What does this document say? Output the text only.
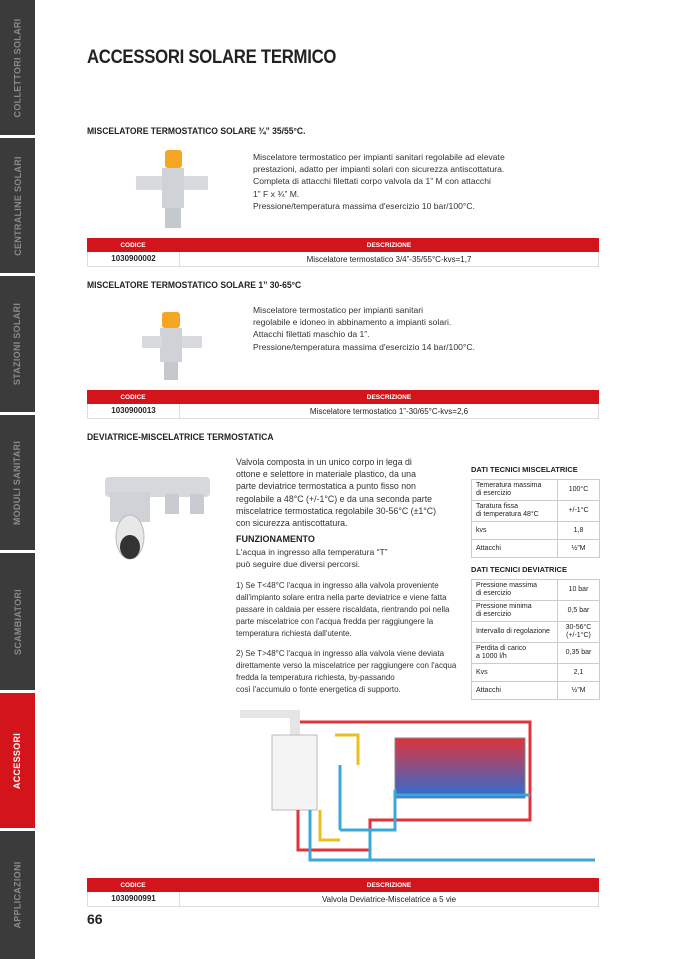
COLLETTORI SOLARI
CENTRALINE SOLARI
STAZIONI SOLARI
MODULI SANITARI
SCAMBIATORI
ACCESSORI
APPLICAZIONI
ACCESSORI SOLARE TERMICO
MISCELATORE TERMOSTATICO SOLARE ¾” 35/55°C.
Miscelatore termostatico per impianti sanitari regolabile ad elevate
prestazioni, adatto per impianti solari con sicurezza antiscottatura.
Completa di attacchi filettati corpo valvola da 1” M con attacchi
1” F x ¾” M.
Pressione/temperatura massima d'esercizio 10 bar/100°C.
CODICE	DESCRIZIONE
1030900002	Miscelatore termostatico 3/4”-35/55°C-kvs=1,7
MISCELATORE TERMOSTATICO SOLARE 1” 30-65°C
Miscelatore termostatico per impianti sanitari
regolabile e idoneo in abbinamento a impianti solari.
Attacchi filettati maschio da 1”.
Pressione/temperatura massima d'esercizio 14 bar/100°C.
CODICE	DESCRIZIONE
1030900013	Miscelatore termostatico 1”-30/65°C-kvs=2,6
DEVIATRICE-MISCELATRICE TERMOSTATICA
Valvola composta in un unico corpo in lega di
ottone e selettore in materiale plastico, da una
parte deviatrice termostatica a punto fisso non
regolabile a 48°C (+/-1°C) e da una seconda parte
miscelatrice termostatica regolabile 30-56°C (±1°C)
con sicurezza antiscottatura.
FUNZIONAMENTO
L'acqua in ingresso alla temperatura “T”
può seguire due diversi percorsi.
1) Se T<48°C l'acqua in ingresso alla valvola proveniente
dall'impianto solare entra nella parte deviatrice e viene fatta
passare in caldaia per essere riscaldata, rientrando poi nella
parte miscelatrice con l'acqua fredda per raggiungere la
temperatura richiesta dall'utente.
2) Se T>48°C l'acqua in ingresso alla valvola viene deviata
direttamente verso la miscelatrice per raggiungere con l'acqua
fredda la temperatura richiesta, by-passando
così l'accumulo o fonte energetica di supporto.
DATI TECNICI MISCELATRICE
Temeratura massima
di esercizio	100°C
Taratura fissa
di temperatura 48°C	+/-1°C
kvs	1,8
Attacchi	½”M
DATI TECNICI DEVIATRICE
Pressione massima
di esercizio	10 bar
Pressione minima
di esercizio	0,5 bar
Intervallo di regolazione	30-56°C
(+/-1°C)
Perdita di carico
a 1000 l/h	0,35 bar
Kvs	2,1
Attacchi	½”M
CODICE	DESCRIZIONE
1030900991	Valvola Deviatrice-Miscelatrice a 5 vie
66
